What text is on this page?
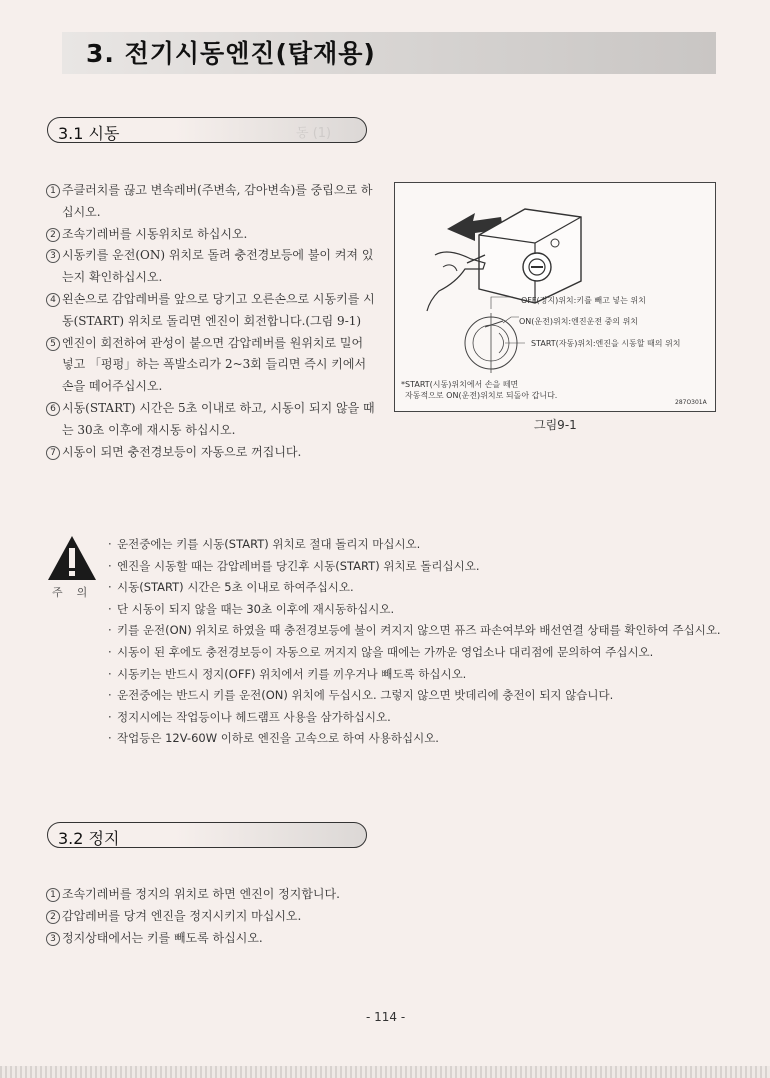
3. 전기시동엔진(탑재용)
3.1 시동	동 (1)
1 주클러치를 끊고 변속레버(주변속, 감아변속)를 중립으로 하십시오.
2 조속기레버를 시동위치로 하십시오.
3 시동키를 운전(ON) 위치로 돌려 충전경보등에 불이 켜져 있는지 확인하십시오.
4 왼손으로 감압레버를 앞으로 당기고 오른손으로 시동키를 시동(START) 위치로 돌리면 엔진이 회전합니다.(그림 9-1)
5 엔진이 회전하여 관성이 붙으면 감압레버를 원위치로 밀어 넣고 「펑펑」하는 폭발소리가 2~3회 들리면 즉시 키에서 손을 떼어주십시오.
6 시동(START) 시간은 5초 이내로 하고, 시동이 되지 않을 때는 30초 이후에 재시동 하십시오.
7 시동이 되면 충전경보등이 자동으로 꺼집니다.
OFF(정지)위치:키를 빼고 넣는 위치
ON(운전)위치:엔진운전 중의 위치
START(자동)위치:엔진을 시동할 때의 위치
*START(시동)위치에서 손을 떼면
자동적으로 ON(운전)위치로 되돌아 갑니다.
287O301A
그림9-1
주의
· 운전중에는 키를 시동(START) 위치로 절대 돌리지 마십시오.
· 엔진을 시동할 때는 감압레버를 당긴후 시동(START) 위치로 돌리십시오.
· 시동(START) 시간은 5초 이내로 하여주십시오.
· 단 시동이 되지 않을 때는 30초 이후에 재시동하십시오.
· 키를 운전(ON) 위치로 하였을 때 충전경보등에 불이 켜지지 않으면 퓨즈 파손여부와 배선연결 상태를 확인하여 주십시오.
· 시동이 된 후에도 충전경보등이 자동으로 꺼지지 않을 때에는 가까운 영업소나 대리점에 문의하여 주십시오.
· 시동키는 반드시 정지(OFF) 위치에서 키를 끼우거나 빼도록 하십시오.
· 운전중에는 반드시 키를 운전(ON) 위치에 두십시오. 그렇지 않으면 밧데리에 충전이 되지 않습니다.
· 정지시에는 작업등이나 헤드램프 사용을 삼가하십시오.
· 작업등은 12V-60W 이하로 엔진을 고속으로 하여 사용하십시오.
3.2 정지
1 조속기레버를 정지의 위치로 하면 엔진이 정지합니다.
2 감압레버를 당겨 엔진을 정지시키지 마십시오.
3 정지상태에서는 키를 빼도록 하십시오.
- 114 -
